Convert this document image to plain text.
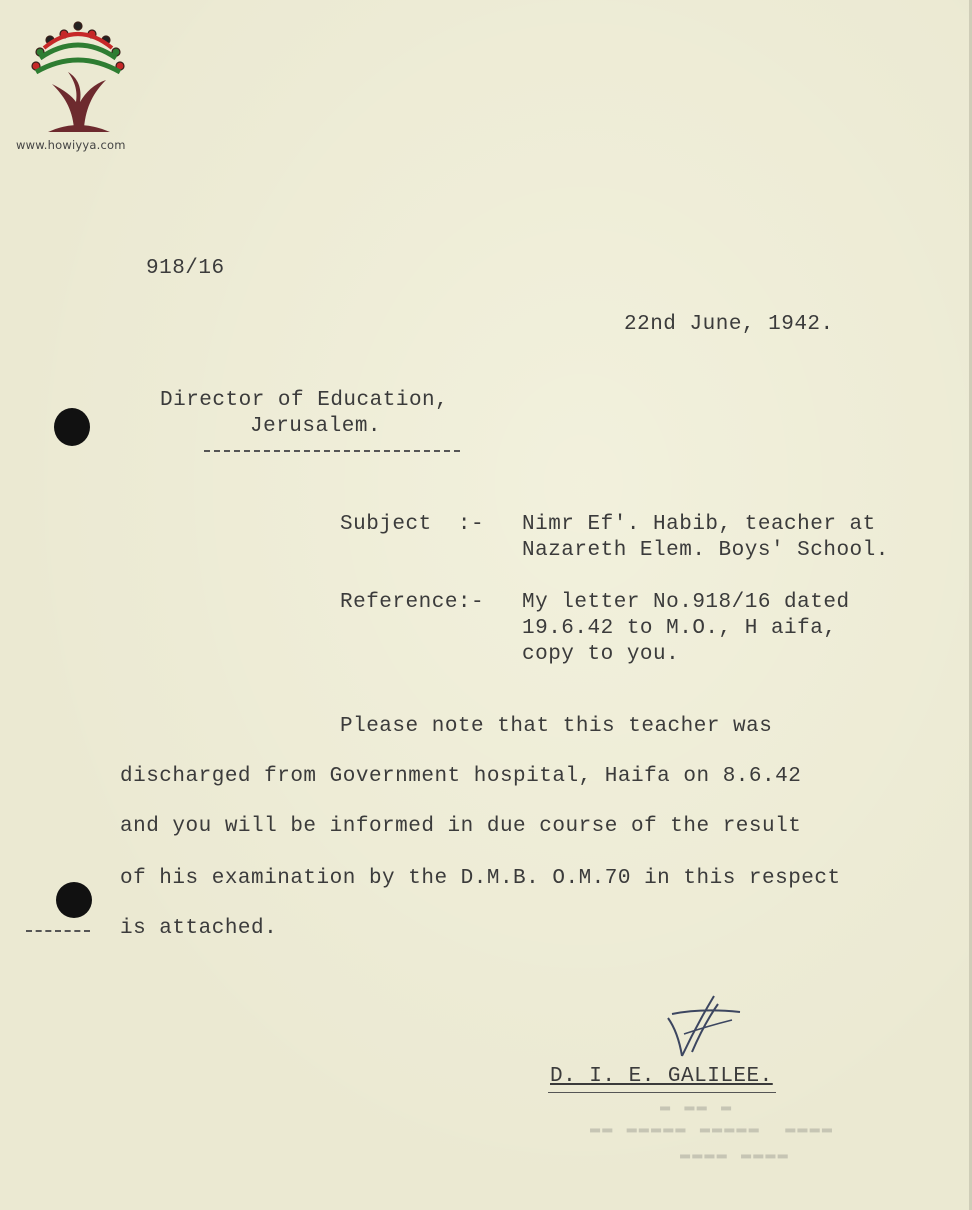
www.howiyya.com

918/16

22nd June, 1942.

Director of Education,

Jerusalem.

Subject  :- Nimr Ef'. Habib, teacher at

Nazareth Elem. Boys' School.

Reference:- My letter No.918/16 dated

19.6.42 to M.O., H aifa,

copy to you.

Please note that this teacher was

discharged from Government hospital, Haifa on 8.6.42

and you will be informed in due course of the result

of his examination by the D.M.B. O.M.70 in this respect

is attached.

D. I. E. GALILEE.

▬ ▬▬ ▬
▬▬ ▬▬▬▬▬ ▬▬▬▬▬  ▬▬▬▬
▬▬▬▬ ▬▬▬▬
